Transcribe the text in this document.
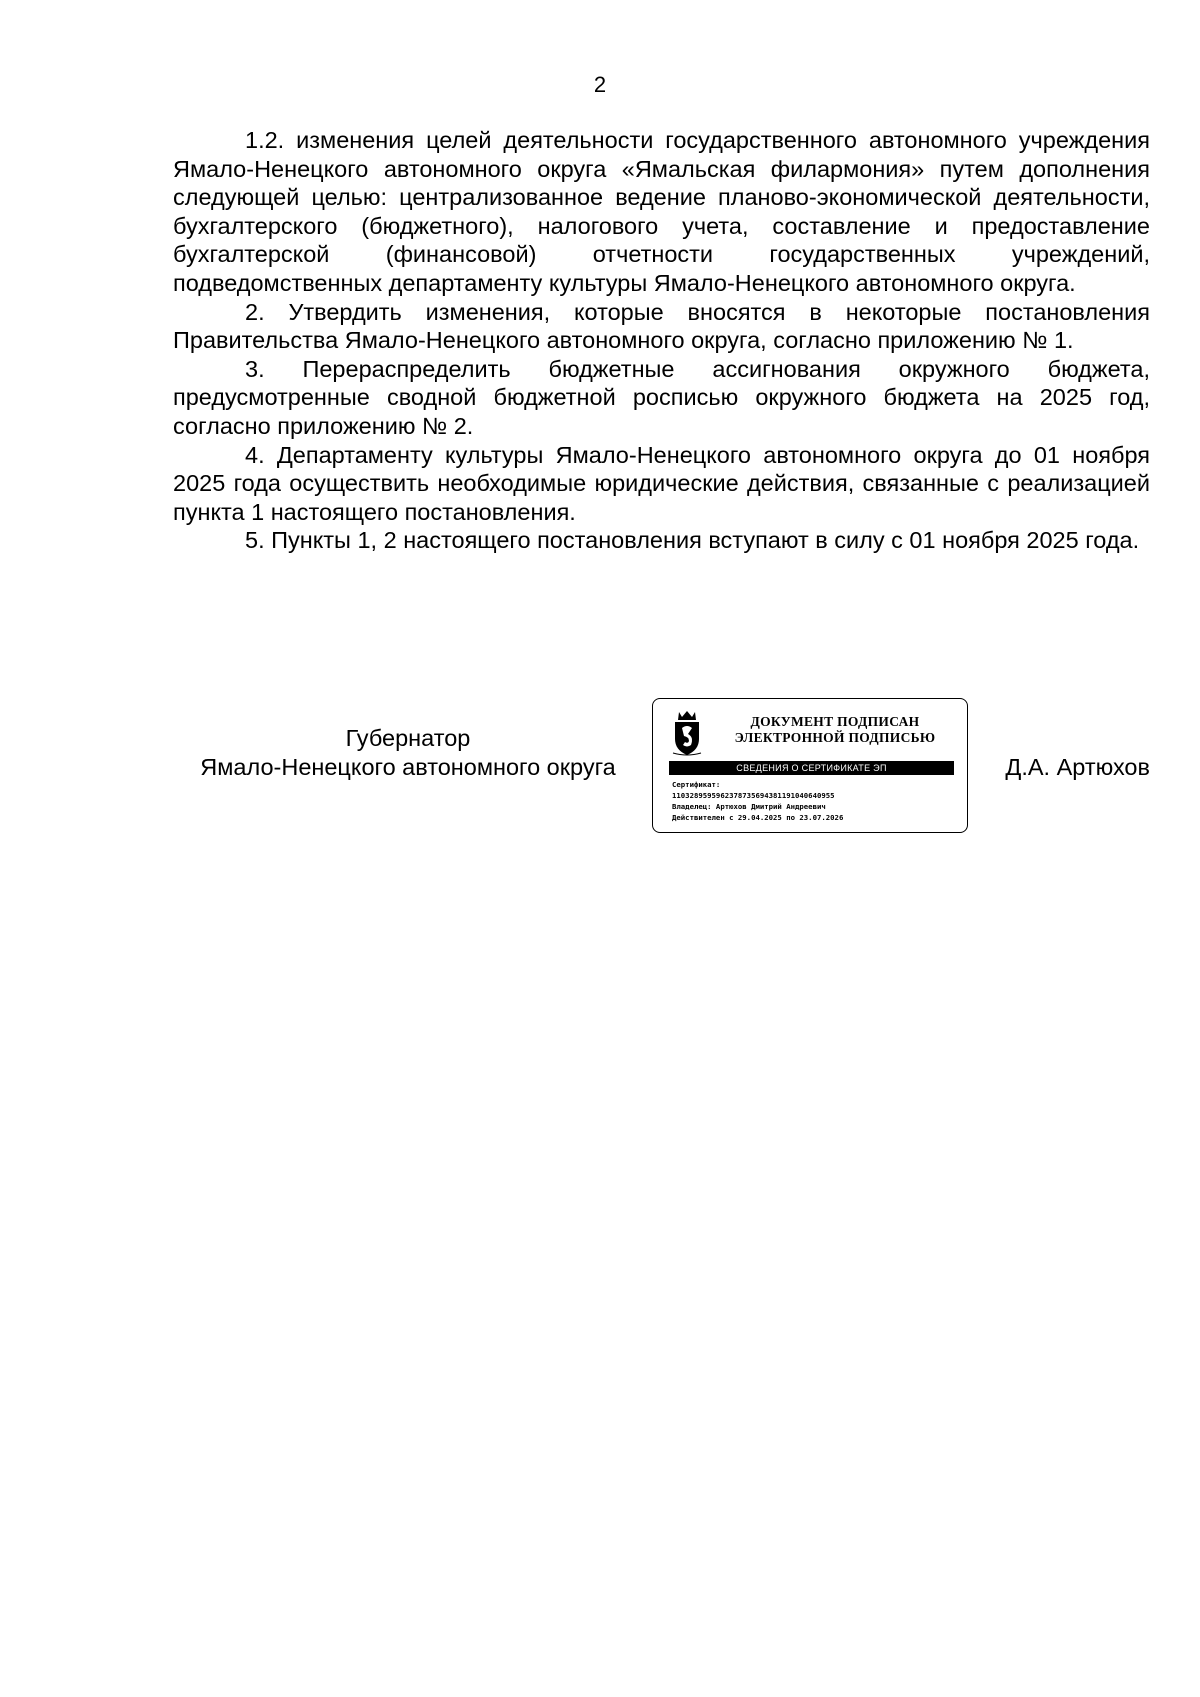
2

1.2. изменения целей деятельности государственного автономного учреждения Ямало-Ненецкого автономного округа «Ямальская филармония» путем дополнения следующей целью: централизованное ведение планово-экономической деятельности, бухгалтерского (бюджетного), налогового учета, составление и предоставление бухгалтерской (финансовой) отчетности государственных учреждений, подведомственных департаменту культуры Ямало-Ненецкого автономного округа.

2. Утвердить изменения, которые вносятся в некоторые постановления Правительства Ямало-Ненецкого автономного округа, согласно приложению № 1.

3. Перераспределить бюджетные ассигнования окружного бюджета, предусмотренные сводной бюджетной росписью окружного бюджета на 2025 год, согласно приложению № 2.

4. Департаменту культуры Ямало-Ненецкого автономного округа до 01 ноября 2025 года осуществить необходимые юридические действия, связанные с реализацией пункта 1 настоящего постановления.

5. Пункты 1, 2 настоящего постановления вступают в силу с 01 ноября 2025 года.

Губернатор
Ямало-Ненецкого автономного округа
ДОКУМЕНТ ПОДПИСАН
ЭЛЕКТРОННОЙ ПОДПИСЬЮ
СВЕДЕНИЯ О СЕРТИФИКАТЕ ЭП
Сертификат:
1103289595962378735694381191040640955
Владелец: Артюхов Дмитрий Андреевич
Действителен с 29.04.2025 по 23.07.2026
Д.А. Артюхов
